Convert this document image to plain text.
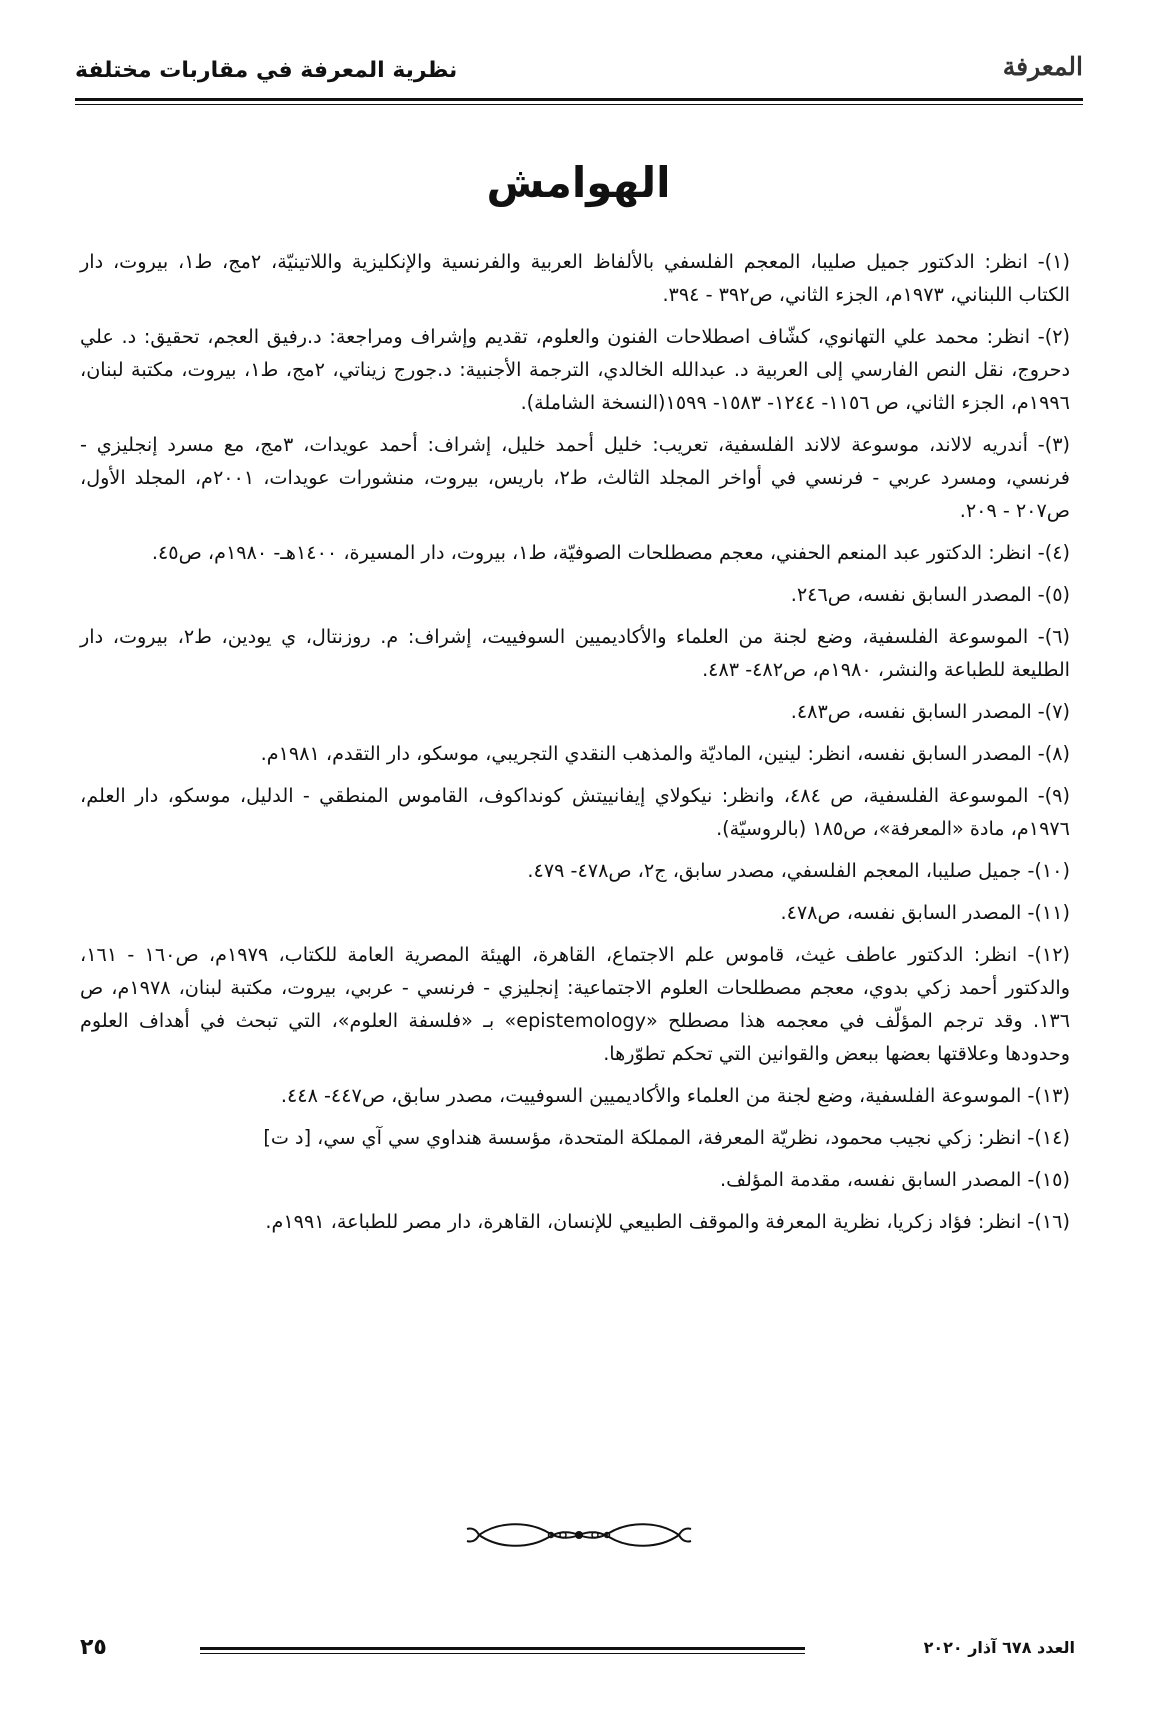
المعرفة
نظرية المعرفة في مقاربات مختلفة
الهوامش
(١)- انظر: الدكتور جميل صليبا، المعجم الفلسفي بالألفاظ العربية والفرنسية والإنكليزية واللاتينيّة، ٢مج، ط١، بيروت، دار الكتاب اللبناني، ١٩٧٣م، الجزء الثاني، ص٣٩٢ - ٣٩٤.
(٢)- انظر: محمد علي التهانوي، كشّاف اصطلاحات الفنون والعلوم، تقديم وإشراف ومراجعة: د.رفيق العجم، تحقيق: د. علي دحروج، نقل النص الفارسي إلى العربية د. عبدالله الخالدي، الترجمة الأجنبية: د.جورج زيناتي، ٢مج، ط١، بيروت، مكتبة لبنان، ١٩٩٦م، الجزء الثاني، ص ١١٥٦- ١٢٤٤- ١٥٨٣- ١٥٩٩(النسخة الشاملة).
(٣)- أندريه لالاند، موسوعة لالاند الفلسفية، تعريب: خليل أحمد خليل، إشراف: أحمد عويدات، ٣مج، مع مسرد إنجليزي - فرنسي، ومسرد عربي - فرنسي في أواخر المجلد الثالث، ط٢، باريس، بيروت، منشورات عويدات، ٢٠٠١م، المجلد الأول، ص٢٠٧ - ٢٠٩.
(٤)- انظر: الدكتور عبد المنعم الحفني، معجم مصطلحات الصوفيّة، ط١، بيروت، دار المسيرة، ١٤٠٠هـ- ١٩٨٠م، ص٤٥.
(٥)- المصدر السابق نفسه، ص٢٤٦.
(٦)- الموسوعة الفلسفية، وضع لجنة من العلماء والأكاديميين السوفييت، إشراف: م. روزنتال، ي يودين، ط٢، بيروت، دار الطليعة للطباعة والنشر، ١٩٨٠م، ص٤٨٢- ٤٨٣.
(٧)- المصدر السابق نفسه، ص٤٨٣.
(٨)- المصدر السابق نفسه، انظر: لينين، الماديّة والمذهب النقدي التجريبي، موسكو، دار التقدم، ١٩٨١م.
(٩)- الموسوعة الفلسفية، ص ٤٨٤، وانظر: نيكولاي إيفانييتش كونداكوف، القاموس المنطقي - الدليل، موسكو، دار العلم، ١٩٧٦م، مادة «المعرفة»، ص١٨٥ (بالروسيّة).
(١٠)- جميل صليبا، المعجم الفلسفي، مصدر سابق، ج٢، ص٤٧٨- ٤٧٩.
(١١)- المصدر السابق نفسه، ص٤٧٨.
(١٢)- انظر: الدكتور عاطف غيث، قاموس علم الاجتماع، القاهرة، الهيئة المصرية العامة للكتاب، ١٩٧٩م، ص١٦٠ - ١٦١، والدكتور أحمد زكي بدوي، معجم مصطلحات العلوم الاجتماعية: إنجليزي - فرنسي - عربي، بيروت، مكتبة لبنان، ١٩٧٨م، ص ١٣٦. وقد ترجم المؤلّف في معجمه هذا مصطلح «epistemology» بـ «فلسفة العلوم»، التي تبحث في أهداف العلوم وحدودها وعلاقتها بعضها ببعض والقوانين التي تحكم تطوّرها.
(١٣)- الموسوعة الفلسفية، وضع لجنة من العلماء والأكاديميين السوفييت، مصدر سابق، ص٤٤٧- ٤٤٨.
(١٤)- انظر: زكي نجيب محمود، نظريّة المعرفة، المملكة المتحدة، مؤسسة هنداوي سي آي سي، [د ت]
(١٥)- المصدر السابق نفسه، مقدمة المؤلف.
(١٦)- انظر: فؤاد زكريا، نظرية المعرفة والموقف الطبيعي للإنسان، القاهرة، دار مصر للطباعة، ١٩٩١م.
٢٥	العدد ٦٧٨ آذار ٢٠٢٠
